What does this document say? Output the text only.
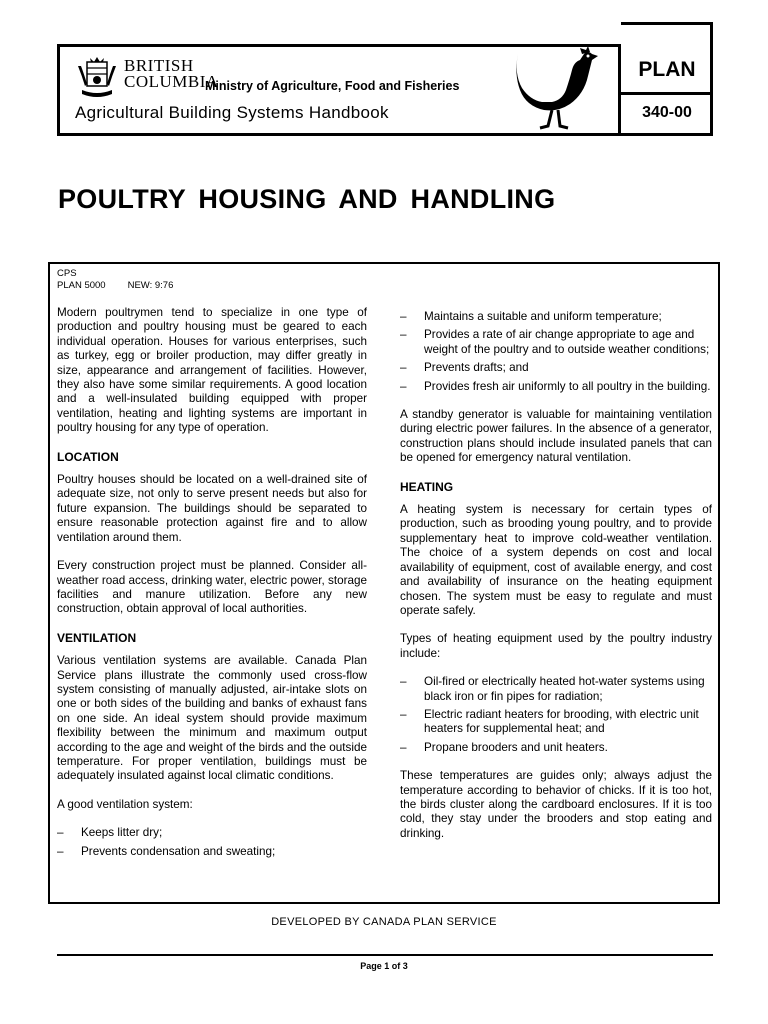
BRITISH
COLUMBIA
Ministry of Agriculture, Food and Fisheries
Agricultural Building Systems Handbook
PLAN
340-00
POULTRY HOUSING AND HANDLING
CPS
PLAN 5000 NEW: 9:76

Modern poultrymen tend to specialize in one type of production and poultry housing must be geared to each individual operation. Houses for various enterprises, such as turkey, egg or broiler production, may differ greatly in size, appearance and arrangement of facilities. However, they also have some similar requirements. A good location and a well-insulated building equipped with proper ventilation, heating and lighting systems are important in poultry housing for any type of operation.

LOCATION

Poultry houses should be located on a well-drained site of adequate size, not only to serve present needs but also for future expansion. The buildings should be separated to ensure reasonable protection against fire and to allow ventilation around them.

Every construction project must be planned. Consider all-weather road access, drinking water, electric power, storage facilities and manure utilization. Before any new construction, obtain approval of local authorities.

VENTILATION

Various ventilation systems are available. Canada Plan Service plans illustrate the commonly used cross-flow system consisting of manually adjusted, air-intake slots on one or both sides of the building and banks of exhaust fans on one side. An ideal system should provide maximum flexibility between the minimum and maximum output according to the age and weight of the birds and the outside temperature. For proper ventilation, buildings must be adequately insulated against local climatic conditions.

A good ventilation system:

– Keeps litter dry;
– Prevents condensation and sweating;
– Maintains a suitable and uniform temperature;
– Provides a rate of air change appropriate to age and weight of the poultry and to outside weather conditions;
– Prevents drafts; and
– Provides fresh air uniformly to all poultry in the building.

A standby generator is valuable for maintaining ventilation during electric power failures. In the absence of a generator, construction plans should include insulated panels that can be opened for emergency natural ventilation.

HEATING

A heating system is necessary for certain types of production, such as brooding young poultry, and to provide supplementary heat to improve cold-weather ventilation. The choice of a system depends on cost and local availability of equipment, cost of available energy, and cost and availability of insurance on the heating equipment chosen. The system must be easy to regulate and must operate safely.

Types of heating equipment used by the poultry industry include:

– Oil-fired or electrically heated hot-water systems using black iron or fin pipes for radiation;
– Electric radiant heaters for brooding, with electric unit heaters for supplemental heat; and
– Propane brooders and unit heaters.

These temperatures are guides only; always adjust the temperature according to behavior of chicks. If it is too hot, the birds cluster along the cardboard enclosures. If it is too cold, they stay under the brooders and stop eating and drinking.

DEVELOPED BY CANADA PLAN SERVICE
Page 1 of 3
